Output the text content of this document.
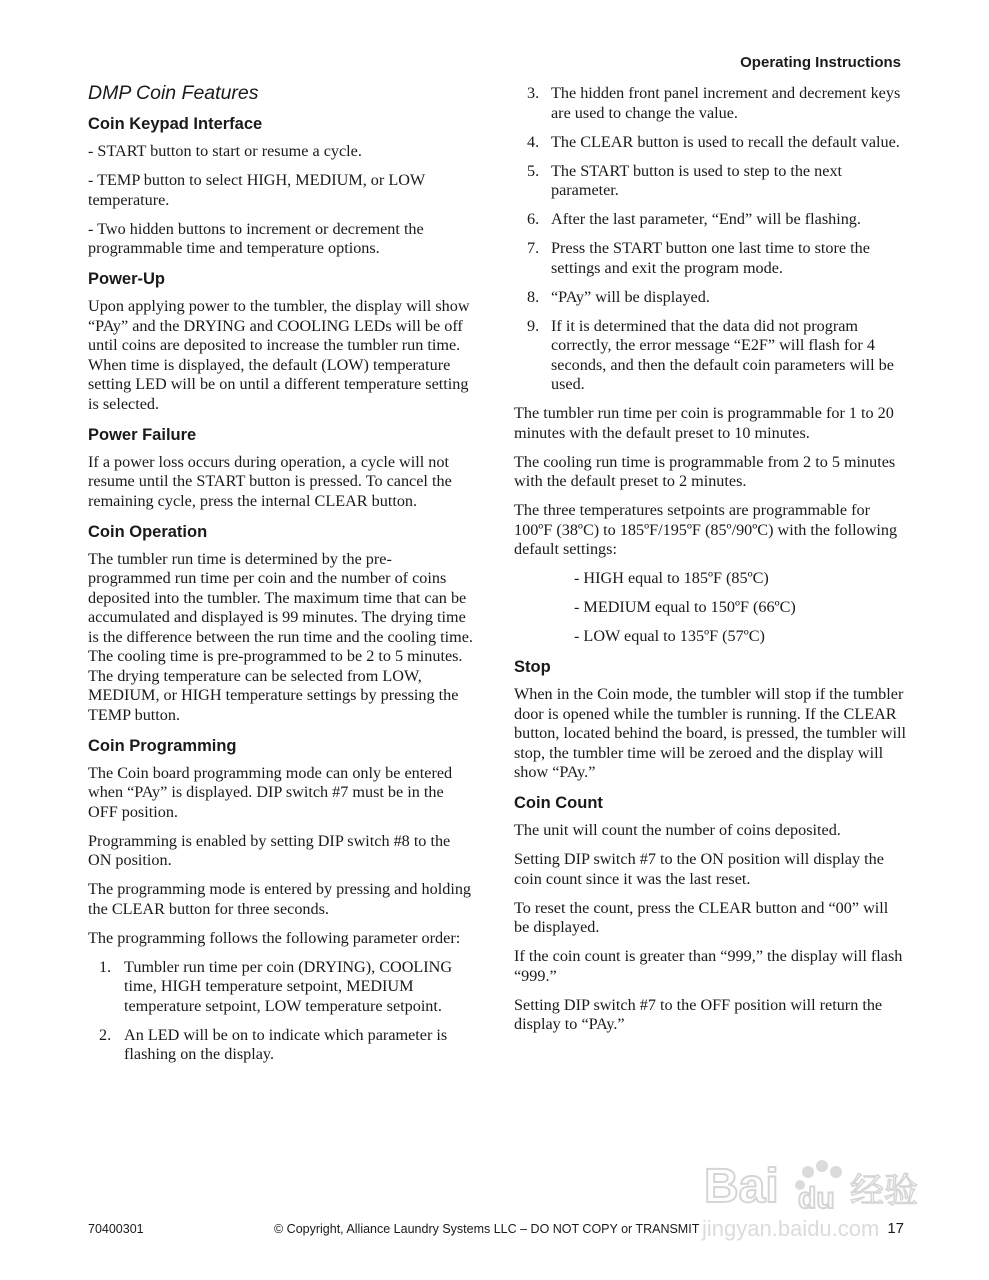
Operating Instructions
DMP Coin Features
Coin Keypad Interface

- START button to start or resume a cycle.

- TEMP button to select HIGH, MEDIUM, or LOW temperature.

- Two hidden buttons to increment or decrement the programmable time and temperature options.

Power-Up

Upon applying power to the tumbler, the display will show “PAy” and the DRYING and COOLING LEDs will be off until coins are deposited to increase the tumbler run time. When time is displayed, the default (LOW) temperature setting LED will be on until a different temperature setting is selected.

Power Failure

If a power loss occurs during operation, a cycle will not resume until the START button is pressed. To cancel the remaining cycle, press the internal CLEAR button.

Coin Operation

The tumbler run time is determined by the pre-programmed run time per coin and the number of coins deposited into the tumbler. The maximum time that can be accumulated and displayed is 99 minutes. The drying time is the difference between the run time and the cooling time. The cooling time is pre-programmed to be 2 to 5 minutes. The drying temperature can be selected from LOW, MEDIUM, or HIGH temperature settings by pressing the TEMP button.

Coin Programming

The Coin board programming mode can only be entered when “PAy” is displayed. DIP switch #7 must be in the OFF position.

Programming is enabled by setting DIP switch #8 to the ON position.

The programming mode is entered by pressing and holding the CLEAR button for three seconds.

The programming follows the following parameter order:

1. Tumbler run time per coin (DRYING), COOLING time, HIGH temperature setpoint, MEDIUM temperature setpoint, LOW temperature setpoint.
2. An LED will be on to indicate which parameter is flashing on the display.
3. The hidden front panel increment and decrement keys are used to change the value.
4. The CLEAR button is used to recall the default value.
5. The START button is used to step to the next parameter.
6. After the last parameter, “End” will be flashing.
7. Press the START button one last time to store the settings and exit the program mode.
8. “PAy” will be displayed.
9. If it is determined that the data did not program correctly, the error message “E2F” will flash for 4 seconds, and then the default coin parameters will be used.

The tumbler run time per coin is programmable for 1 to 20 minutes with the default preset to 10 minutes.

The cooling run time is programmable from 2 to 5 minutes with the default preset to 2 minutes.

The three temperatures setpoints are programmable for 100ºF (38ºC) to 185ºF/195ºF (85º/90ºC) with the following default settings:

- HIGH equal to 185ºF (85ºC)

- MEDIUM equal to 150ºF (66ºC)

- LOW equal to 135ºF (57ºC)

Stop

When in the Coin mode, the tumbler will stop if the tumbler door is opened while the tumbler is running. If the CLEAR button, located behind the board, is pressed, the tumbler will stop, the tumbler time will be zeroed and the display will show “PAy.”

Coin Count

The unit will count the number of coins deposited.

Setting DIP switch #7 to the ON position will display the coin count since it was the last reset.

To reset the count, press the CLEAR button and “00” will be displayed.

If the coin count is greater than “999,” the display will flash “999.”

Setting DIP switch #7 to the OFF position will return the display to “PAy.”

Bai du 经验
jingyan.baidu.com
70400301	© Copyright, Alliance Laundry Systems LLC – DO NOT COPY or TRANSMIT	17
